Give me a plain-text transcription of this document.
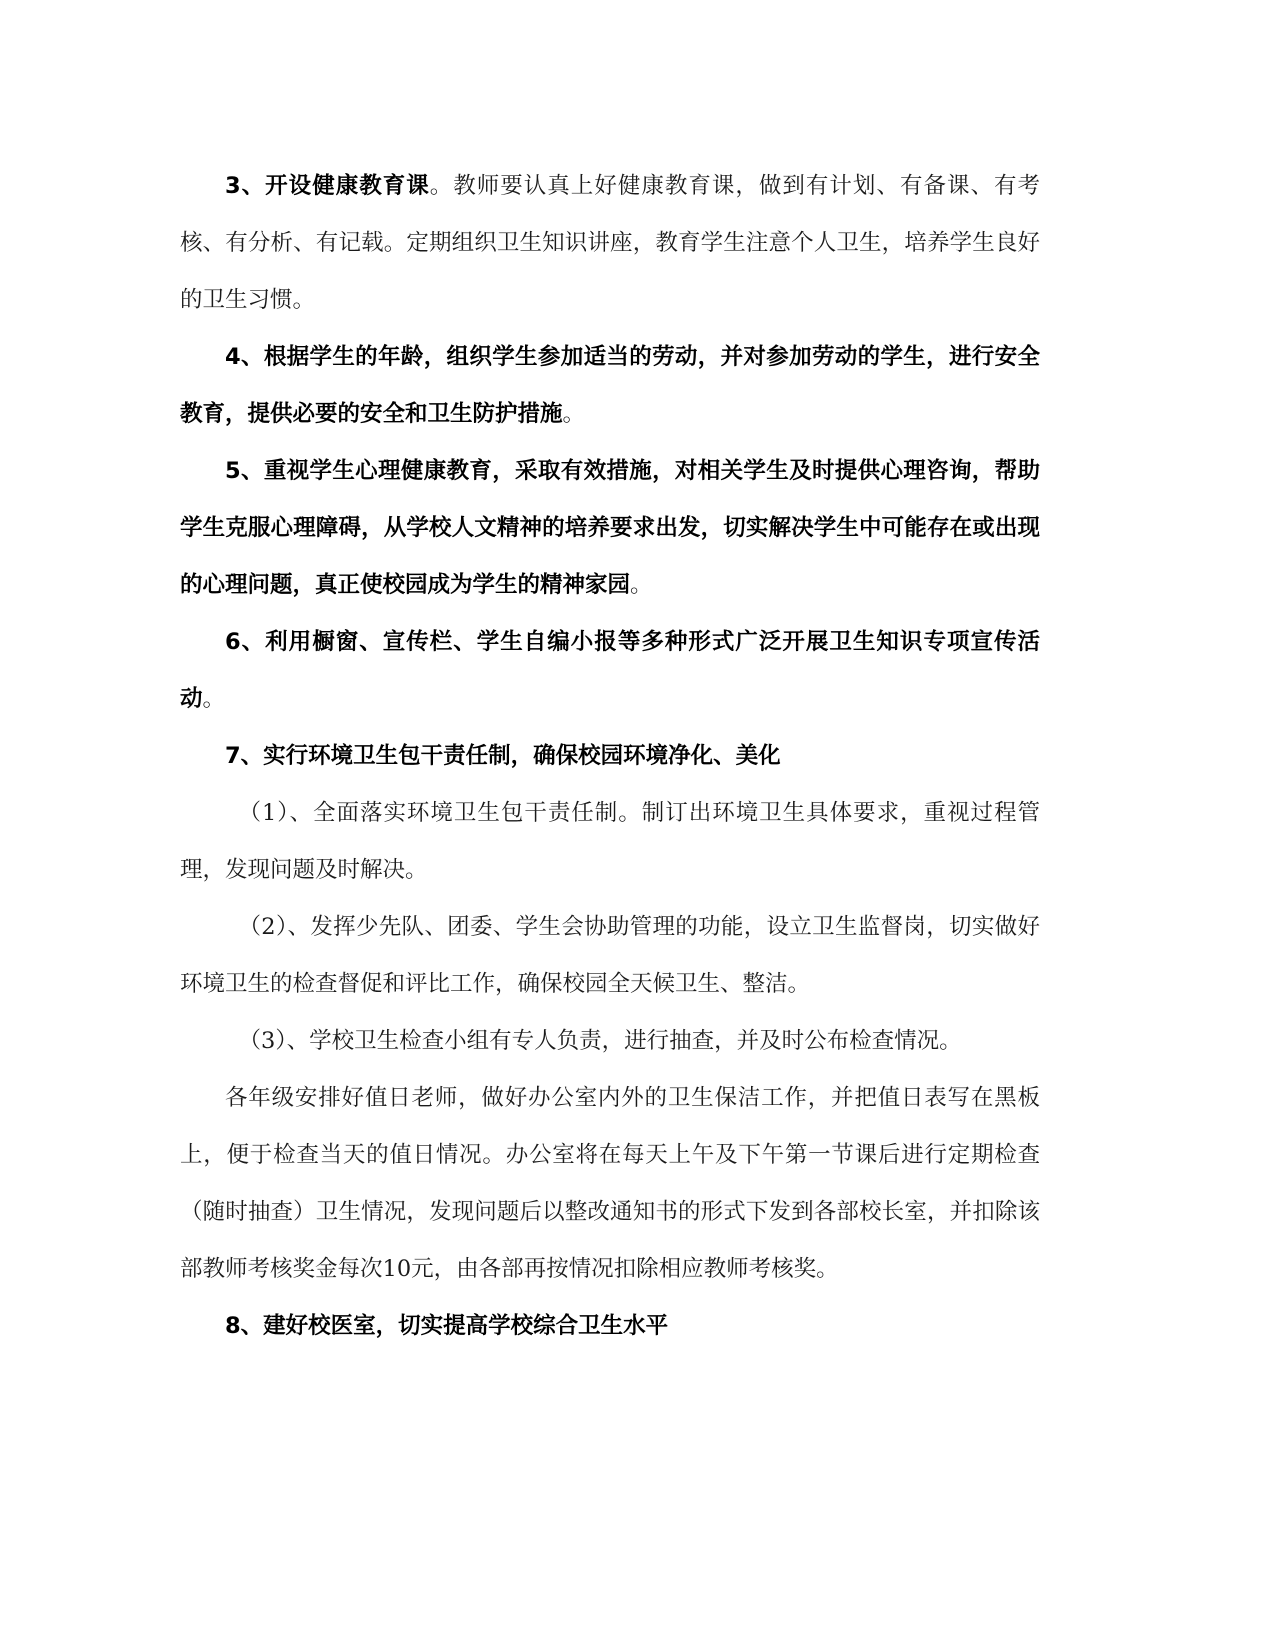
3、开设健康教育课。教师要认真上好健康教育课，做到有计划、有备课、有考核、有分析、有记载。定期组织卫生知识讲座，教育学生注意个人卫生，培养学生良好的卫生习惯。

4、根据学生的年龄，组织学生参加适当的劳动，并对参加劳动的学生，进行安全教育，提供必要的安全和卫生防护措施。

5、重视学生心理健康教育，采取有效措施，对相关学生及时提供心理咨询，帮助学生克服心理障碍，从学校人文精神的培养要求出发，切实解决学生中可能存在或出现的心理问题，真正使校园成为学生的精神家园。

6、利用橱窗、宣传栏、学生自编小报等多种形式广泛开展卫生知识专项宣传活动。

7、实行环境卫生包干责任制，确保校园环境净化、美化

（1）、全面落实环境卫生包干责任制。制订出环境卫生具体要求，重视过程管理，发现问题及时解决。

（2）、发挥少先队、团委、学生会协助管理的功能，设立卫生监督岗，切实做好环境卫生的检查督促和评比工作，确保校园全天候卫生、整洁。

（3）、学校卫生检查小组有专人负责，进行抽查，并及时公布检查情况。

各年级安排好值日老师，做好办公室内外的卫生保洁工作，并把值日表写在黑板上，便于检查当天的值日情况。办公室将在每天上午及下午第一节课后进行定期检查（随时抽查）卫生情况，发现问题后以整改通知书的形式下发到各部校长室，并扣除该部教师考核奖金每次10元，由各部再按情况扣除相应教师考核奖。

8、建好校医室，切实提高学校综合卫生水平
